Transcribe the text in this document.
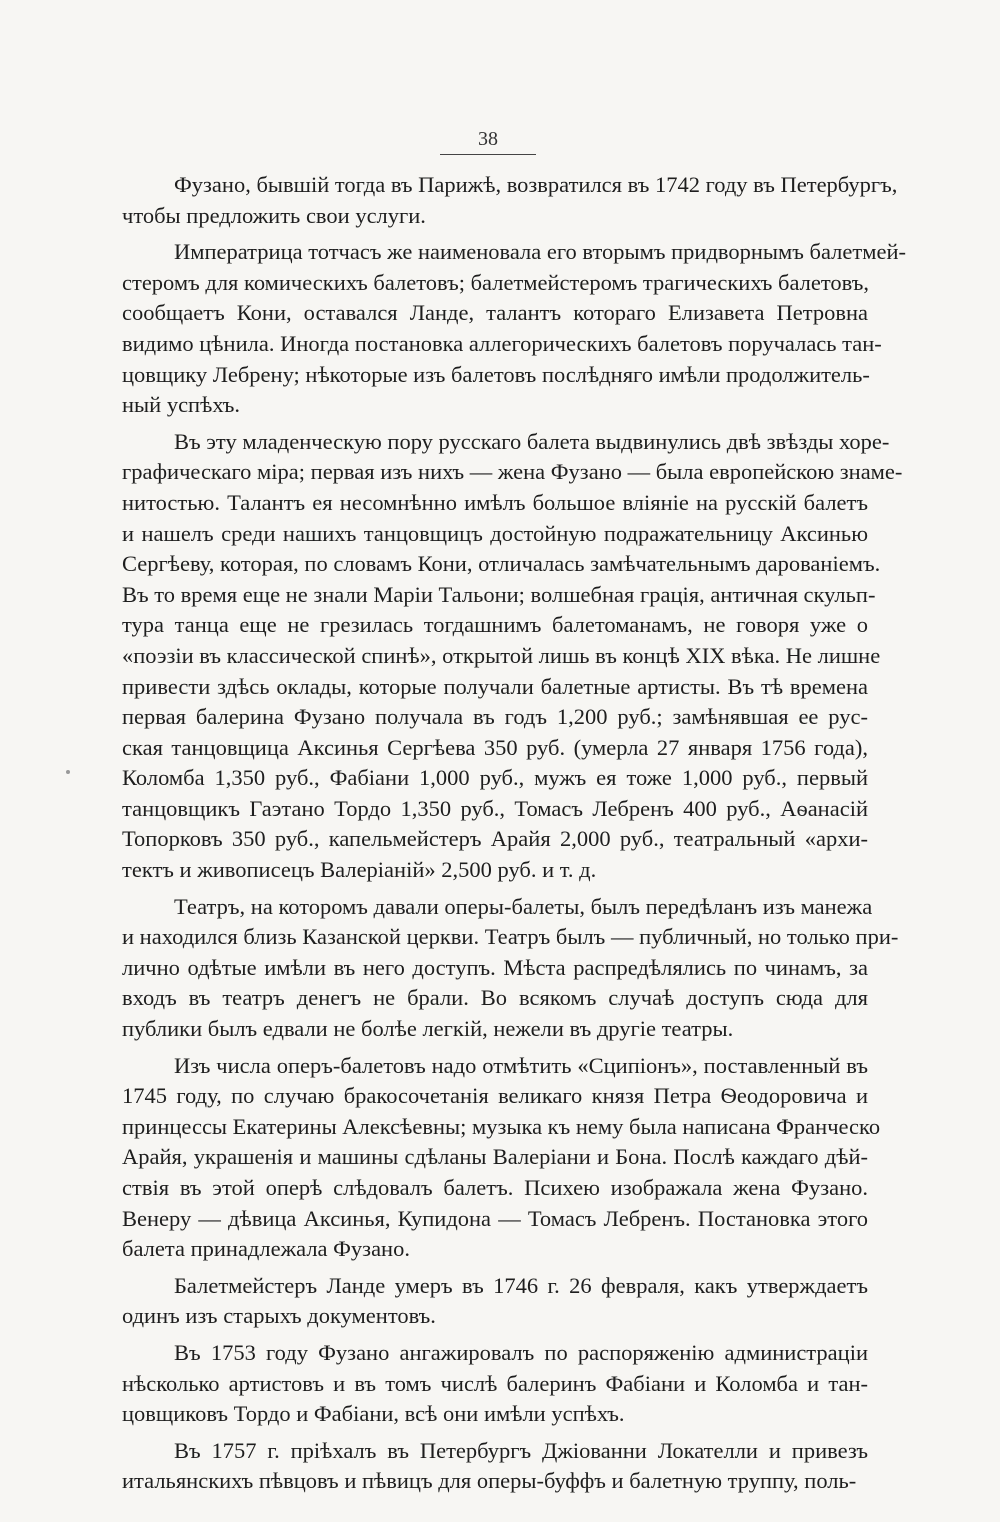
38
Фузано, бывшій тогда въ Парижѣ, возвратился въ 1742 году въ Петербургъ,
чтобы предложить свои услуги.
Императрица тотчасъ же наименовала его вторымъ придворнымъ балетмей-
стеромъ для комическихъ балетовъ; балетмейстеромъ трагическихъ балетовъ,
сообщаетъ Кони, оставался Ланде, талантъ котораго Елизавета Петровна
видимо цѣнила. Иногда постановка аллегорическихъ балетовъ поручалась тан-
цовщику Лебрену; нѣкоторые изъ балетовъ послѣдняго имѣли продолжитель-
ный успѣхъ.
Въ эту младенческую пору русскаго балета выдвинулись двѣ звѣзды хоре-
графическаго міра; первая изъ нихъ — жена Фузано — была европейскою знаме-
нитостью. Талантъ ея несомнѣнно имѣлъ большое вліяніе на русскій балетъ
и нашелъ среди нашихъ танцовщицъ достойную подражательницу Аксинью
Сергѣеву, которая, по словамъ Кони, отличалась замѣчательнымъ дарованіемъ.
Въ то время еще не знали Маріи Тальони; волшебная грація, античная скульп-
тура танца еще не грезилась тогдашнимъ балетоманамъ, не говоря уже о
«поэзіи въ классической спинѣ», открытой лишь въ концѣ XIX вѣка. Не лишне
привести здѣсь оклады, которые получали балетные артисты. Въ тѣ времена
первая балерина Фузано получала въ годъ 1,200 руб.; замѣнявшая ее рус-
ская танцовщица Аксинья Сергѣева 350 руб. (умерла 27 января 1756 года),
Коломба 1,350 руб., Фабіани 1,000 руб., мужъ ея тоже 1,000 руб., первый
танцовщикъ Гаэтано Тордо 1,350 руб., Томасъ Лебренъ 400 руб., Аѳанасій
Топорковъ 350 руб., капельмейстеръ Арайя 2,000 руб., театральный «архи-
тектъ и живописецъ Валеріаній» 2,500 руб. и т. д.
Театръ, на которомъ давали оперы-балеты, былъ передѣланъ изъ манежа
и находился близь Казанской церкви. Театръ былъ — публичный, но только при-
лично одѣтые имѣли въ него доступъ. Мѣста распредѣлялись по чинамъ, за
входъ въ театръ денегъ не брали. Во всякомъ случаѣ доступъ сюда для
публики былъ едвали не болѣе легкій, нежели въ другіе театры.
Изъ числа оперъ-балетовъ надо отмѣтить «Сципіонъ», поставленный въ
1745 году, по случаю бракосочетанія великаго князя Петра Ѳеодоровича и
принцессы Екатерины Алексѣевны; музыка къ нему была написана Франческо
Арайя, украшенія и машины сдѣланы Валеріани и Бона. Послѣ каждаго дѣй-
ствія въ этой оперѣ слѣдовалъ балетъ. Психею изображала жена Фузано.
Венеру — дѣвица Аксинья, Купидона — Томасъ Лебренъ. Постановка этого
балета принадлежала Фузано.
Балетмейстеръ Ланде умеръ въ 1746 г. 26 февраля, какъ утверждаетъ
одинъ изъ старыхъ документовъ.
Въ 1753 году Фузано ангажировалъ по распоряженію администраціи
нѣсколько артистовъ и въ томъ числѣ балеринъ Фабіани и Коломба и тан-
цовщиковъ Тордо и Фабіани, всѣ они имѣли успѣхъ.
Въ 1757 г. пріѣхалъ въ Петербургъ Джіованни Локателли и привезъ
итальянскихъ пѣвцовъ и пѣвицъ для оперы-буффъ и балетную труппу, поль-
